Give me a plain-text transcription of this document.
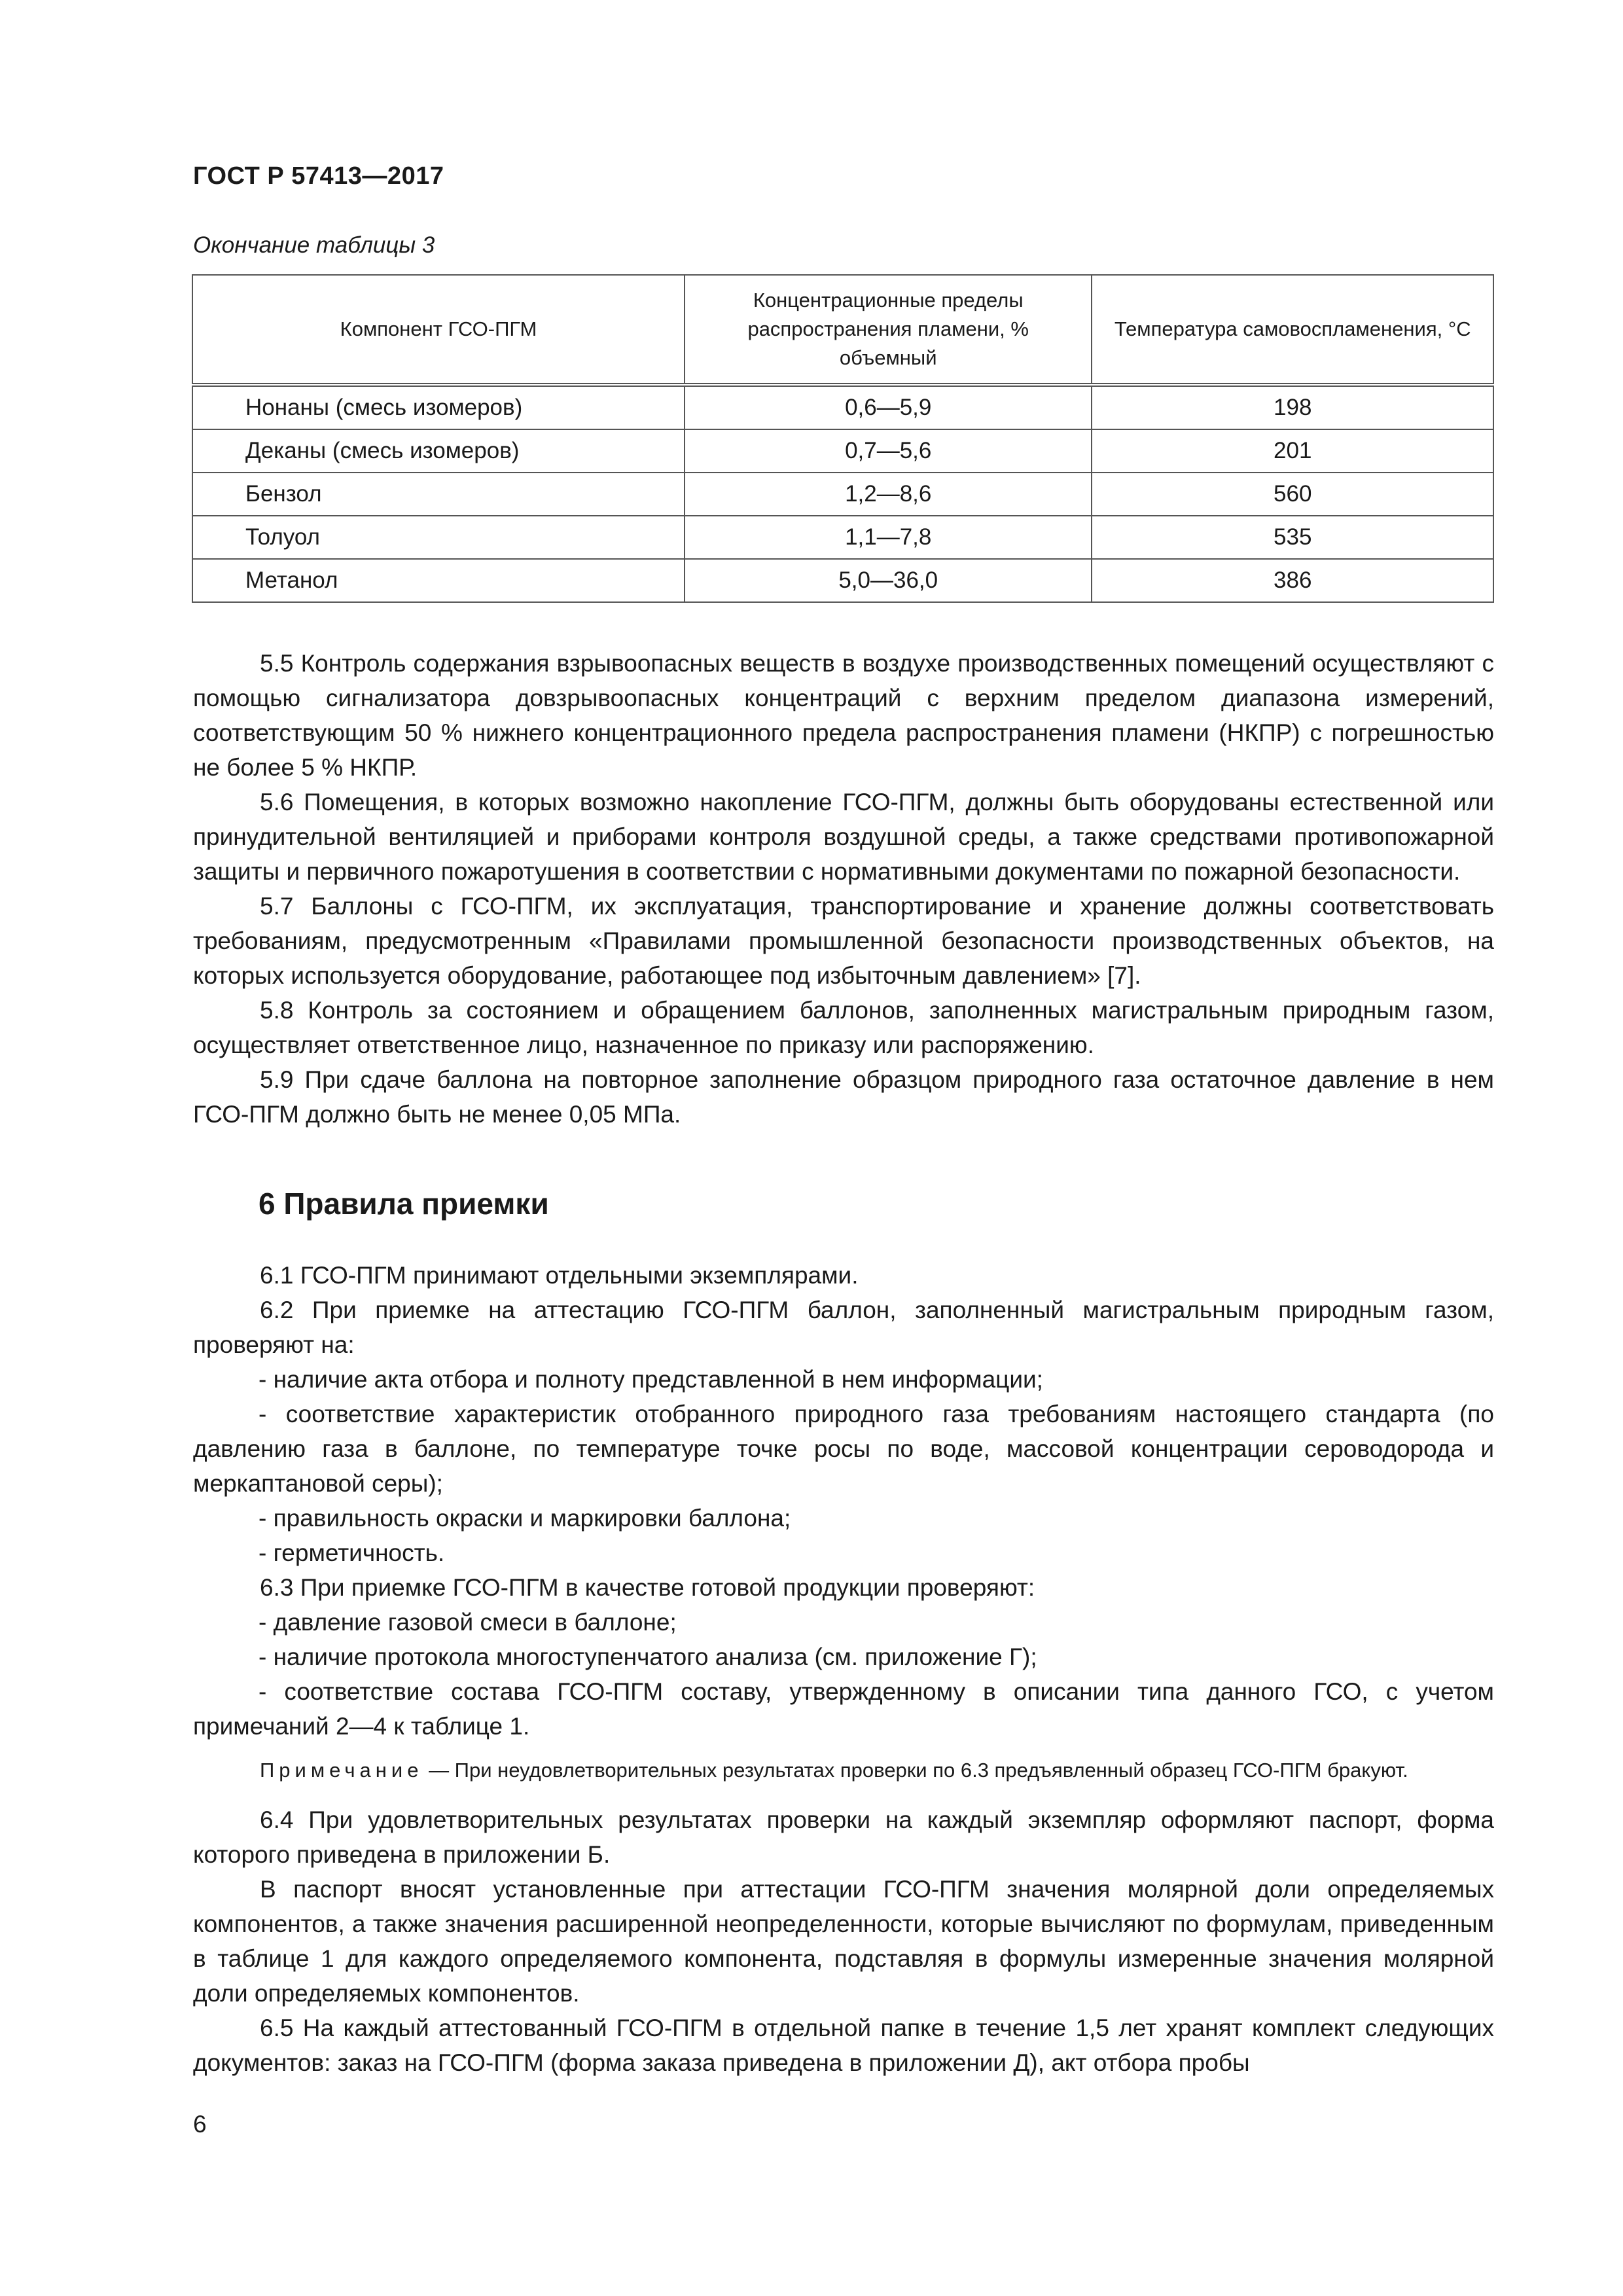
ГОСТ Р 57413—2017
Окончание таблицы 3
Компонент ГСО-ПГМ	Концентрационные пределы распространения пламени, % объемный	Температура самовоспламенения, °С
Нонаны (смесь изомеров)	0,6—5,9	198
Деканы (смесь изомеров)	0,7—5,6	201
Бензол	1,2—8,6	560
Толуол	1,1—7,8	535
Метанол	5,0—36,0	386

5.5 Контроль содержания взрывоопасных веществ в воздухе производственных помещений осуществляют с помощью сигнализатора довзрывоопасных концентраций с верхним пределом диапазона измерений, соответствующим 50 % нижнего концентрационного предела распространения пламени (НКПР) с погрешностью не более 5 % НКПР.

5.6 Помещения, в которых возможно накопление ГСО-ПГМ, должны быть оборудованы естественной или принудительной вентиляцией и приборами контроля воздушной среды, а также средствами противопожарной защиты и первичного пожаротушения в соответствии с нормативными документами по пожарной безопасности.

5.7 Баллоны с ГСО-ПГМ, их эксплуатация, транспортирование и хранение должны соответствовать требованиям, предусмотренным «Правилами промышленной безопасности производственных объектов, на которых используется оборудование, работающее под избыточным давлением» [7].

5.8 Контроль за состоянием и обращением баллонов, заполненных магистральным природным газом, осуществляет ответственное лицо, назначенное по приказу или распоряжению.

5.9 При сдаче баллона на повторное заполнение образцом природного газа остаточное давление в нем ГСО-ПГМ должно быть не менее 0,05 МПа.

6 Правила приемки

6.1 ГСО-ПГМ принимают отдельными экземплярами.

6.2 При приемке на аттестацию ГСО-ПГМ баллон, заполненный магистральным природным газом, проверяют на:

- наличие акта отбора и полноту представленной в нем информации;

- соответствие характеристик отобранного природного газа требованиям настоящего стандарта (по давлению газа в баллоне, по температуре точке росы по воде, массовой концентрации сероводорода и меркаптановой серы);

- правильность окраски и маркировки баллона;

- герметичность.

6.3 При приемке ГСО-ПГМ в качестве готовой продукции проверяют:

- давление газовой смеси в баллоне;

- наличие протокола многоступенчатого анализа (см. приложение Г);

- соответствие состава ГСО-ПГМ составу, утвержденному в описании типа данного ГСО, с учетом примечаний 2—4 к таблице 1.

Примечание — При неудовлетворительных результатах проверки по 6.3 предъявленный образец ГСО-ПГМ бракуют.

6.4 При удовлетворительных результатах проверки на каждый экземпляр оформляют паспорт, форма которого приведена в приложении Б.

В паспорт вносят установленные при аттестации ГСО-ПГМ значения молярной доли определяемых компонентов, а также значения расширенной неопределенности, которые вычисляют по формулам, приведенным в таблице 1 для каждого определяемого компонента, подставляя в формулы измеренные значения молярной доли определяемых компонентов.

6.5 На каждый аттестованный ГСО-ПГМ в отдельной папке в течение 1,5 лет хранят комплект следующих документов: заказ на ГСО-ПГМ (форма заказа приведена в приложении Д), акт отбора пробы

6
